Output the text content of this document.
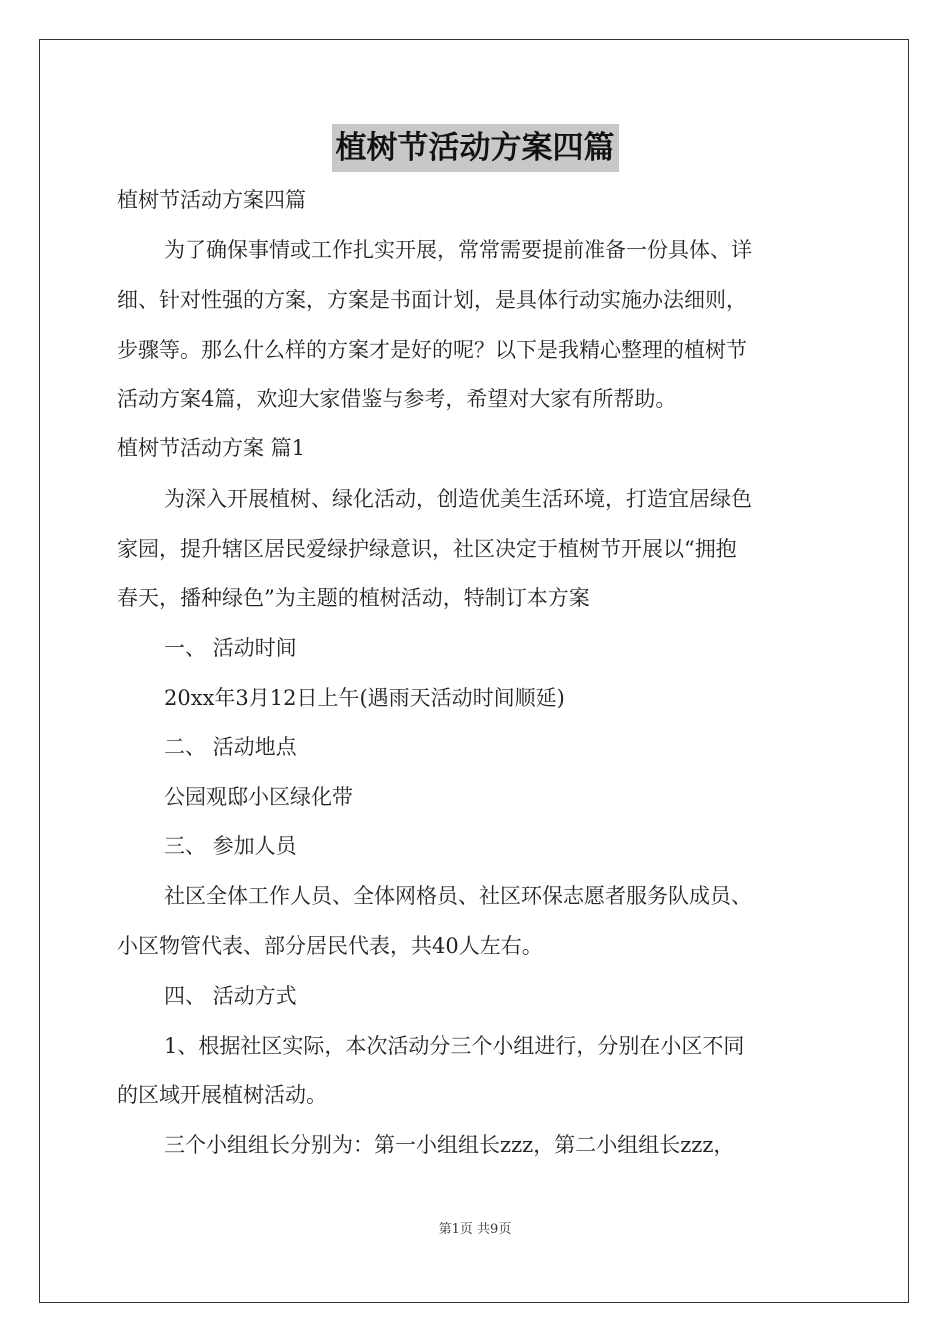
植树节活动方案四篇
植树节活动方案四篇
为了确保事情或工作扎实开展，常常需要提前准备一份具体、详
细、针对性强的方案，方案是书面计划，是具体行动实施办法细则，
步骤等。那么什么样的方案才是好的呢？以下是我精心整理的植树节
活动方案4篇，欢迎大家借鉴与参考，希望对大家有所帮助。
植树节活动方案 篇1
为深入开展植树、绿化活动，创造优美生活环境，打造宜居绿色
家园，提升辖区居民爱绿护绿意识，社区决定于植树节开展以“拥抱
春天，播种绿色”为主题的植树活动，特制订本方案
一、 活动时间
20xx年3月12日上午(遇雨天活动时间顺延)
二、 活动地点
公园观邸小区绿化带
三、 参加人员
社区全体工作人员、全体网格员、社区环保志愿者服务队成员、
小区物管代表、部分居民代表，共40人左右。
四、 活动方式
1、根据社区实际，本次活动分三个小组进行，分别在小区不同
的区域开展植树活动。
三个小组组长分别为：第一小组组长zzz，第二小组组长zzz，
第1页 共9页
